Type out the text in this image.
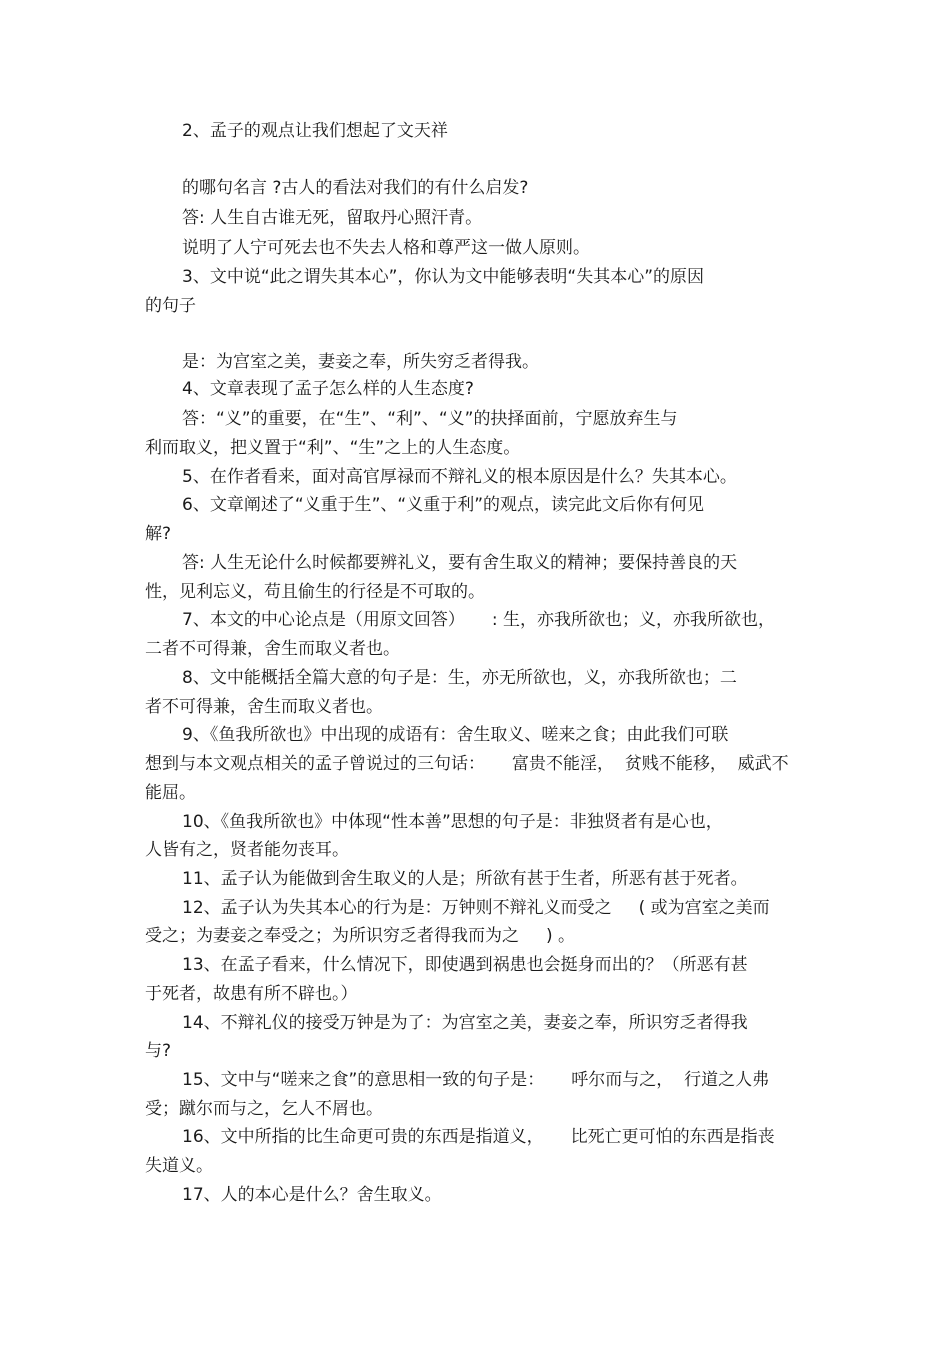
2、孟子的观点让我们想起了文天祥

的哪句名言 ?古人的看法对我们的有什么启发?

答: 人生自古谁无死，留取丹心照汗青。

说明了人宁可死去也不失去人格和尊严这一做人原则。

3、文中说“此之谓失其本心”，你认为文中能够表明“失其本心”的原因

的句子

是：为宫室之美，妻妾之奉，所失穷乏者得我。

4、文章表现了孟子怎么样的人生态度?

答：“义”的重要，在“生”、“利”、“义”的抉择面前，宁愿放弃生与

利而取义，把义置于“利”、“生”之上的人生态度。

5、在作者看来，面对高官厚禄而不辩礼义的根本原因是什么？失其本心。

6、文章阐述了“义重于生”、“义重于利”的观点，读完此文后你有何见

解?

答: 人生无论什么时候都要辨礼义，要有舍生取义的精神；要保持善良的天

性，见利忘义，苟且偷生的行径是不可取的。

7、本文的中心论点是（用原文回答）     : 生，亦我所欲也；义，亦我所欲也，

二者不可得兼，舍生而取义者也。

8、文中能概括全篇大意的句子是：生，亦无所欲也，义，亦我所欲也；二

者不可得兼，舍生而取义者也。

9、《鱼我所欲也》中出现的成语有：舍生取义、嗟来之食；由此我们可联

想到与本文观点相关的孟子曾说过的三句话：     富贵不能淫，  贫贱不能移，  威武不

能屈。

10、《鱼我所欲也》中体现“性本善”思想的句子是：非独贤者有是心也，

人皆有之，贤者能勿丧耳。

11、孟子认为能做到舍生取义的人是；所欲有甚于生者，所恶有甚于死者。

12、孟子认为失其本心的行为是：万钟则不辩礼义而受之     ( 或为宫室之美而

受之；为妻妾之奉受之；为所识穷乏者得我而为之     ) 。

13、在孟子看来，什么情况下，即使遇到祸患也会挺身而出的？（所恶有甚

于死者，故患有所不辟也。）

14、不辩礼仪的接受万钟是为了：为宫室之美，妻妾之奉，所识穷乏者得我

与?

15、文中与“嗟来之食”的意思相一致的句子是：     呼尔而与之，  行道之人弗

受；蹴尔而与之，乞人不屑也。

16、文中所指的比生命更可贵的东西是指道义，     比死亡更可怕的东西是指丧

失道义。

17、人的本心是什么？舍生取义。
